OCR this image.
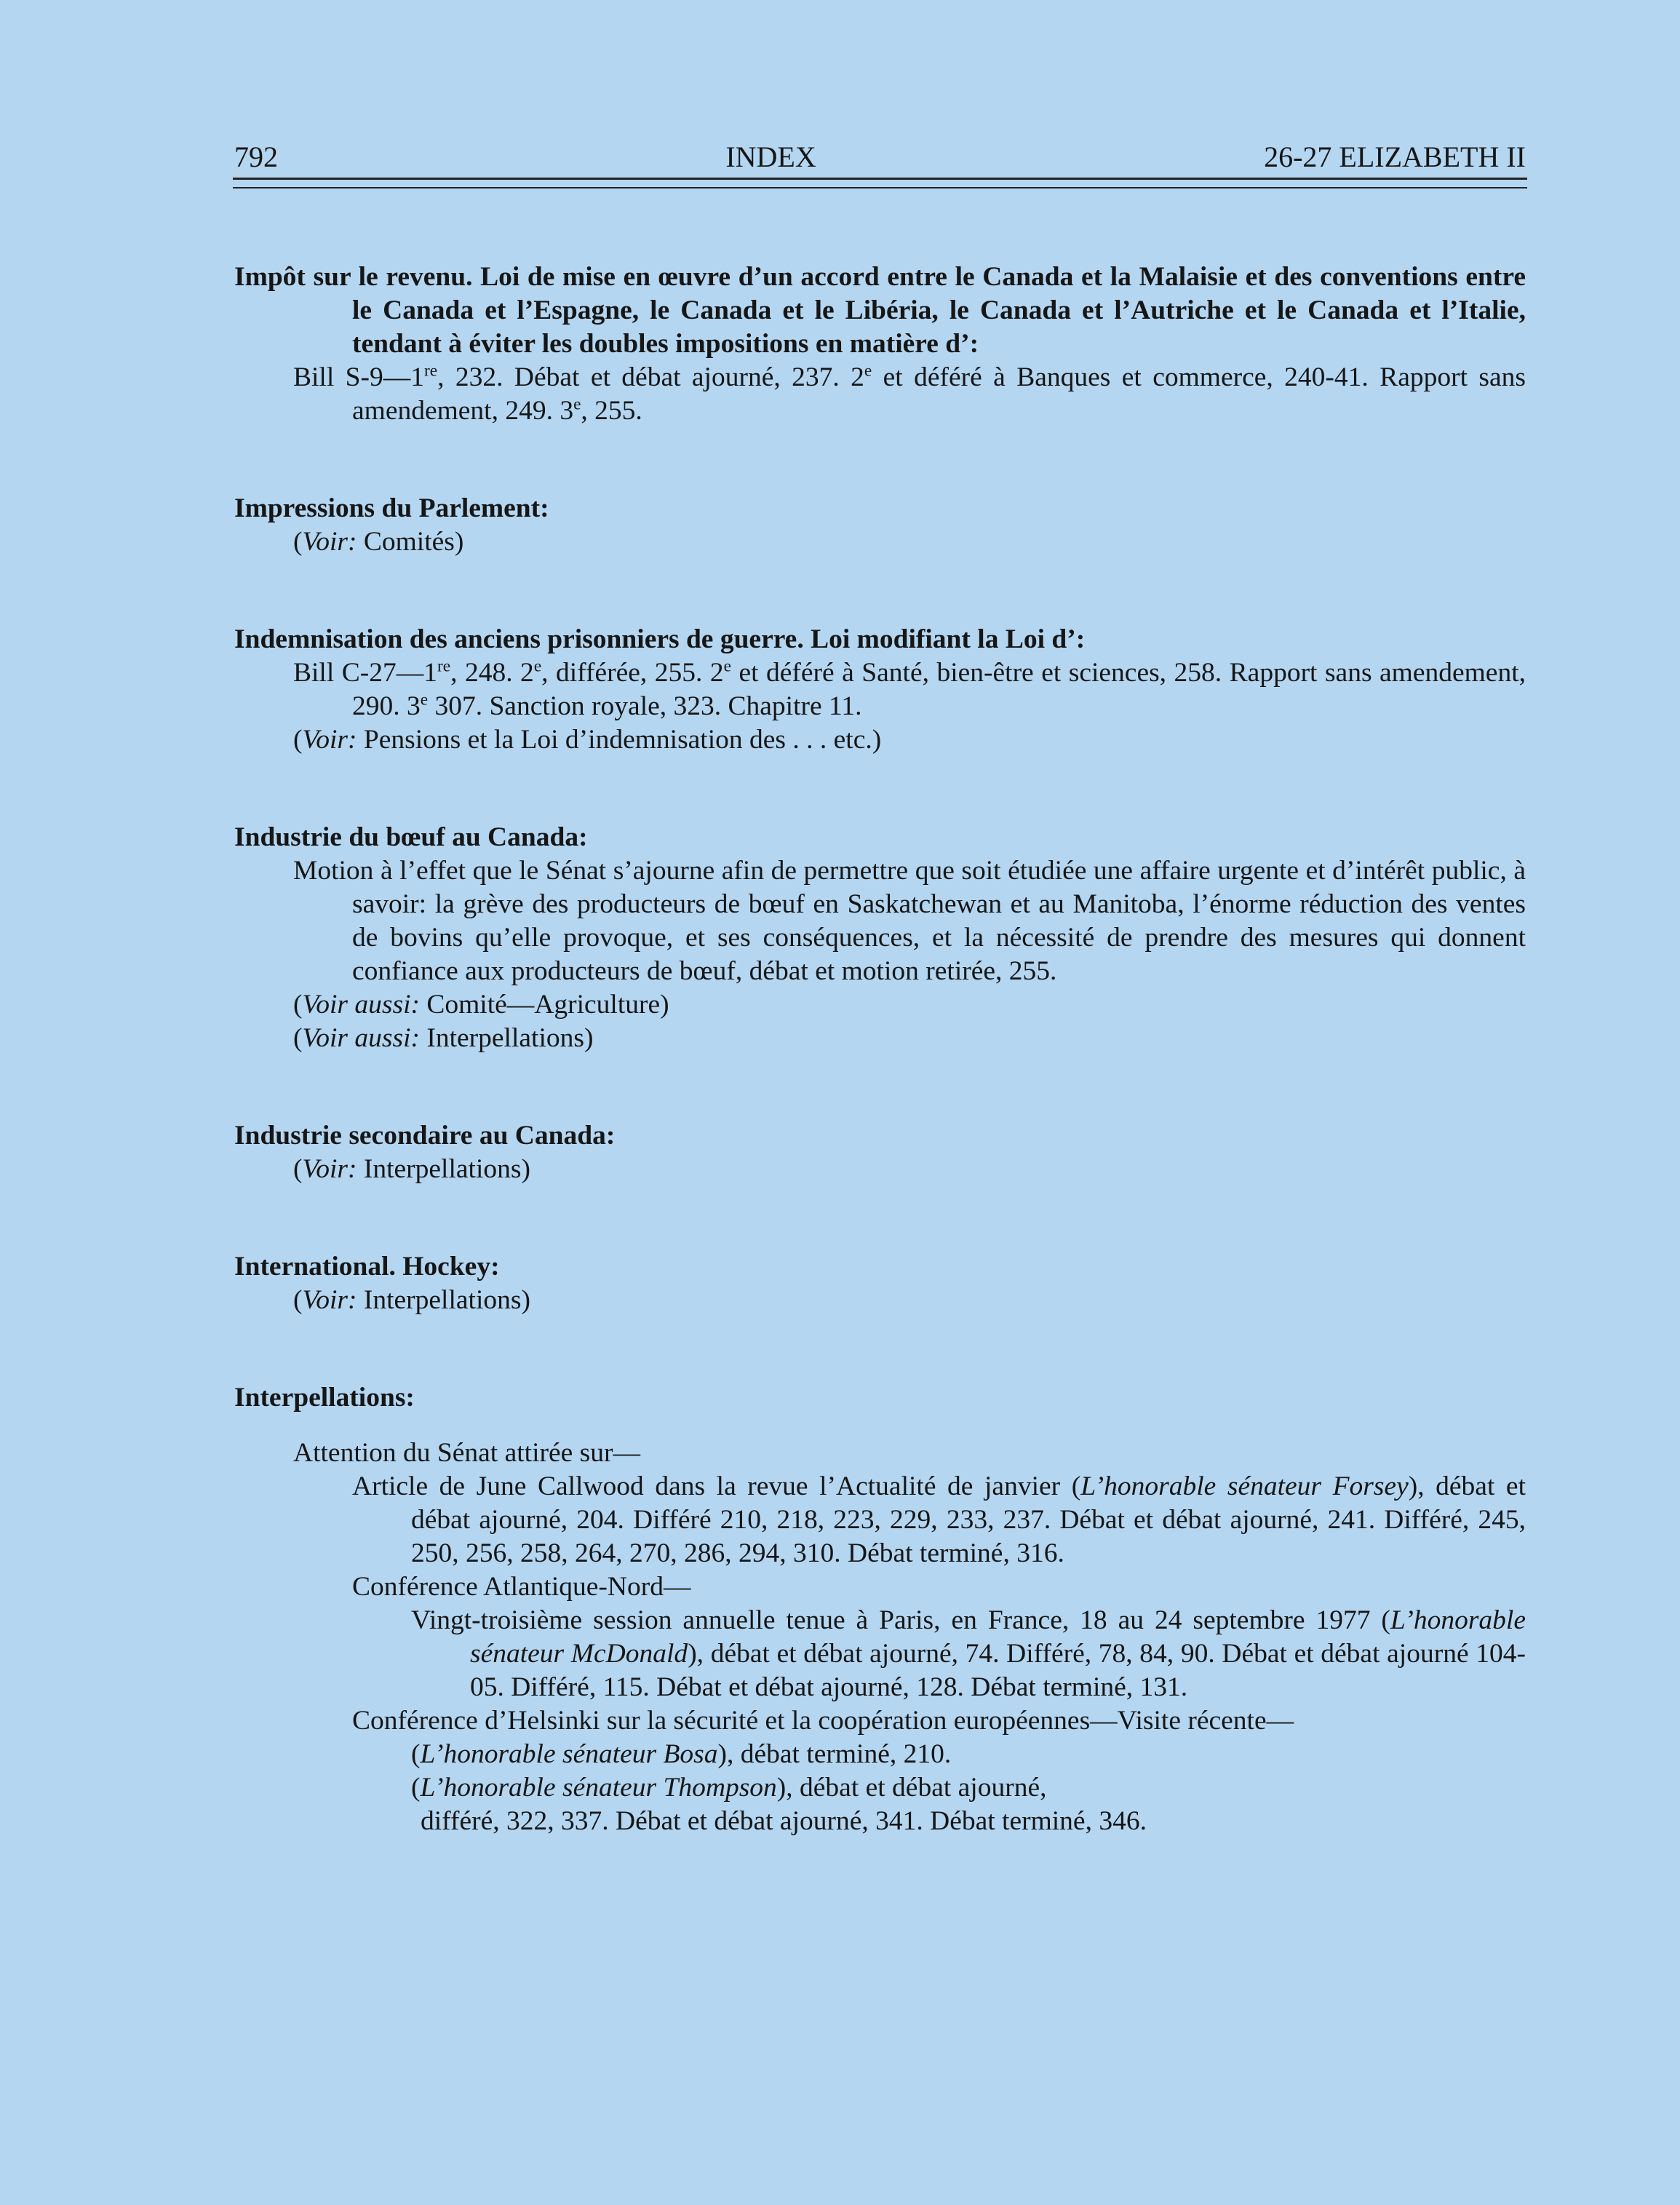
792	INDEX	26-27 ELIZABETH II

Impôt sur le revenu. Loi de mise en œuvre d’un accord entre le Canada et la Malaisie et des conventions entre le Canada et l’Espagne, le Canada et le Libéria, le Canada et l’Autriche et le Canada et l’Italie, tendant à éviter les doubles impositions en matière d’:

Bill S-9—1re, 232. Débat et débat ajourné, 237. 2e et déféré à Banques et commerce, 240-41. Rapport sans amendement, 249. 3e, 255.

Impressions du Parlement:

(Voir: Comités)

Indemnisation des anciens prisonniers de guerre. Loi modifiant la Loi d’:

Bill C-27—1re, 248. 2e, différée, 255. 2e et déféré à Santé, bien-être et sciences, 258. Rapport sans amendement, 290. 3e 307. Sanction royale, 323. Chapitre 11.

(Voir: Pensions et la Loi d’indemnisation des . . . etc.)

Industrie du bœuf au Canada:

Motion à l’effet que le Sénat s’ajourne afin de permettre que soit étudiée une affaire urgente et d’intérêt public, à savoir: la grève des producteurs de bœuf en Saskatchewan et au Manitoba, l’énorme réduction des ventes de bovins qu’elle provoque, et ses conséquences, et la nécessité de prendre des mesures qui donnent confiance aux producteurs de bœuf, débat et motion retirée, 255.

(Voir aussi: Comité—Agriculture)

(Voir aussi: Interpellations)

Industrie secondaire au Canada:

(Voir: Interpellations)

International. Hockey:

(Voir: Interpellations)

Interpellations:

Attention du Sénat attirée sur—

Article de June Callwood dans la revue l’Actualité de janvier (L’honorable sénateur Forsey), débat et débat ajourné, 204. Différé 210, 218, 223, 229, 233, 237. Débat et débat ajourné, 241. Différé, 245, 250, 256, 258, 264, 270, 286, 294, 310. Débat terminé, 316.

Conférence Atlantique-Nord—

Vingt-troisième session annuelle tenue à Paris, en France, 18 au 24 septembre 1977 (L’honorable sénateur McDonald), débat et débat ajourné, 74. Différé, 78, 84, 90. Débat et débat ajourné 104-05. Différé, 115. Débat et débat ajourné, 128. Débat terminé, 131.

Conférence d’Helsinki sur la sécurité et la coopération européennes—Visite récente—

(L’honorable sénateur Bosa), débat terminé, 210.

(L’honorable sénateur Thompson), débat et débat ajourné,

différé, 322, 337. Débat et débat ajourné, 341. Débat terminé, 346.
